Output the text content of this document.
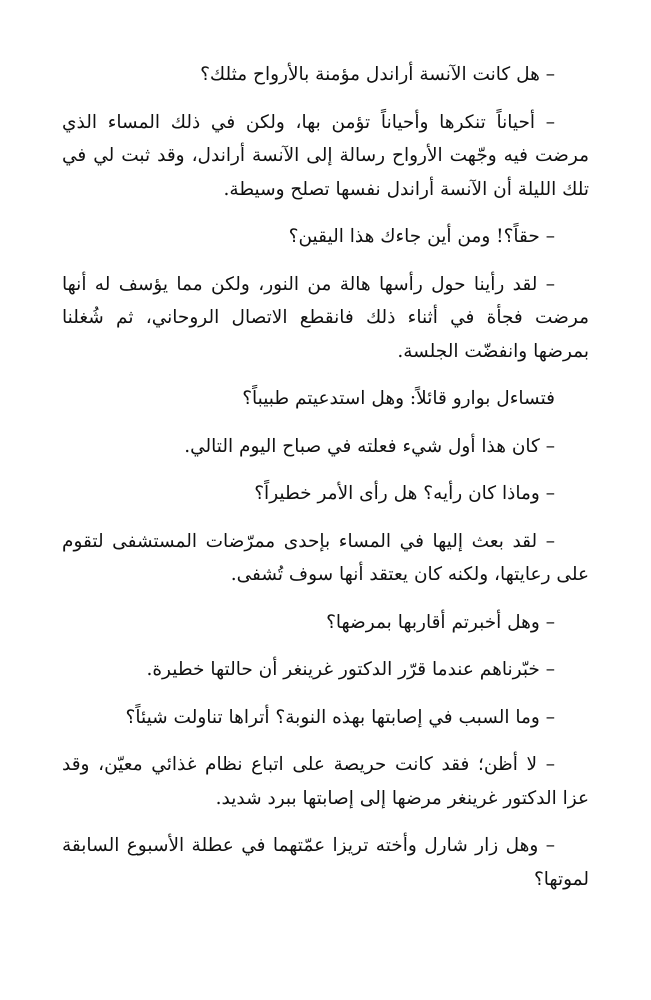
– هل كانت الآنسة أراندل مؤمنة بالأرواح مثلك؟

– أحياناً تنكرها وأحياناً تؤمن بها، ولكن في ذلك المساء الذي مرضت فيه وجّهت الأرواح رسالة إلى الآنسة أراندل، وقد ثبت لي في تلك الليلة أن الآنسة أراندل نفسها تصلح وسيطة.

– حقاً؟! ومن أين جاءك هذا اليقين؟

– لقد رأينا حول رأسها هالة من النور، ولكن مما يؤسف له أنها مرضت فجأة في أثناء ذلك فانقطع الاتصال الروحاني، ثم شُغلنا بمرضها وانفضّت الجلسة.

فتساءل بوارو قائلاً: وهل استدعيتم طبيباً؟

– كان هذا أول شيء فعلته في صباح اليوم التالي.

– وماذا كان رأيه؟ هل رأى الأمر خطيراً؟

– لقد بعث إليها في المساء بإحدى ممرّضات المستشفى لتقوم على رعايتها، ولكنه كان يعتقد أنها سوف تُشفى.

– وهل أخبرتم أقاربها بمرضها؟

– خبّرناهم عندما قرّر الدكتور غرينغر أن حالتها خطيرة.

– وما السبب في إصابتها بهذه النوبة؟ أتراها تناولت شيئاً؟

– لا أظن؛ فقد كانت حريصة على اتباع نظام غذائي معيّن، وقد عزا الدكتور غرينغر مرضها إلى إصابتها ببرد شديد.

– وهل زار شارل وأخته تريزا عمّتهما في عطلة الأسبوع السابقة لموتها؟
